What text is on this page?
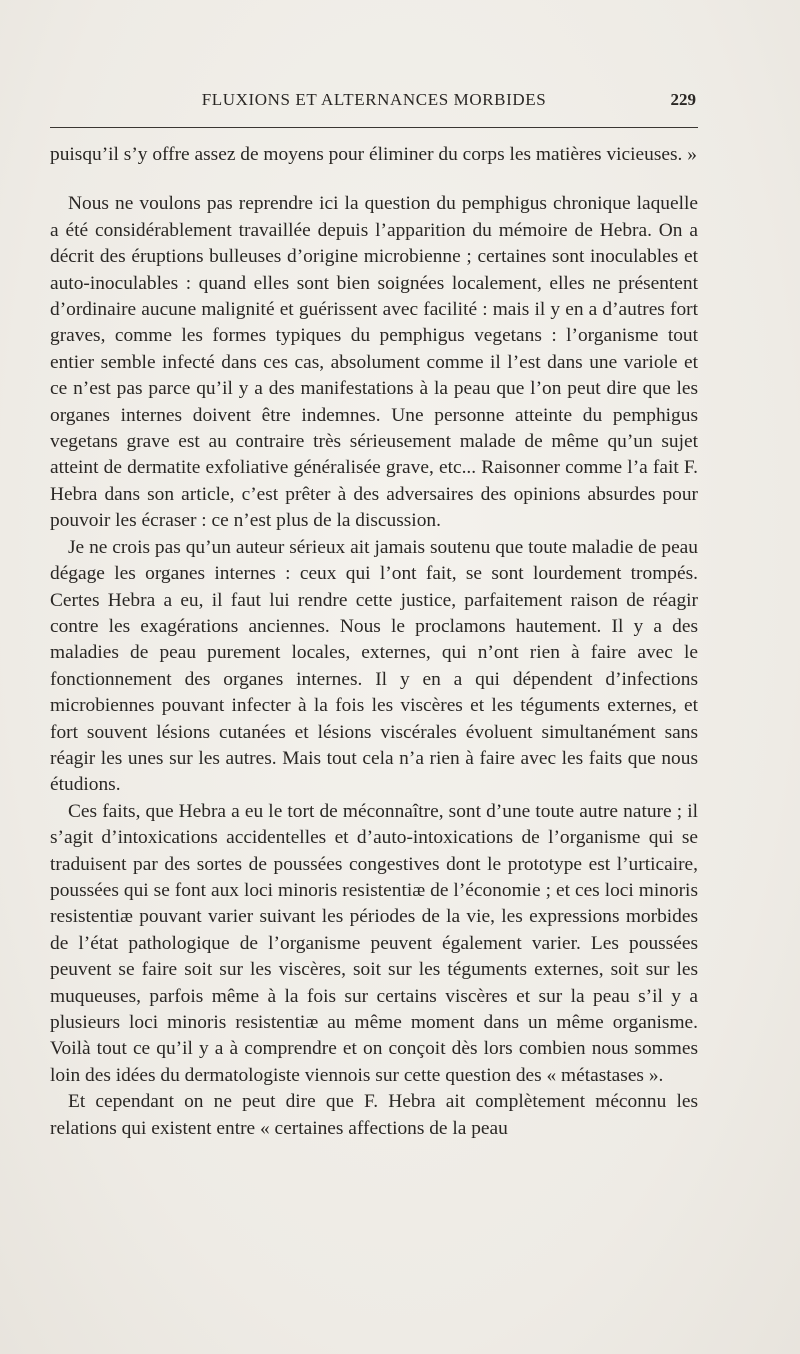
FLUXIONS ET ALTERNANCES MORBIDES	229

puisqu’il s’y offre assez de moyens pour éliminer du corps les matières vicieuses. »

Nous ne voulons pas reprendre ici la question du pemphigus chronique laquelle a été considérablement travaillée depuis l’apparition du mémoire de Hebra. On a décrit des éruptions bulleuses d’origine microbienne ; certaines sont inoculables et auto-inoculables : quand elles sont bien soignées localement, elles ne présentent d’ordinaire aucune malignité et guérissent avec facilité : mais il y en a d’autres fort graves, comme les formes typiques du pemphigus vegetans : l’organisme tout entier semble infecté dans ces cas, absolument comme il l’est dans une variole et ce n’est pas parce qu’il y a des manifestations à la peau que l’on peut dire que les organes internes doivent être indemnes. Une personne atteinte du pemphigus vegetans grave est au contraire très sérieusement malade de même qu’un sujet atteint de dermatite exfoliative généralisée grave, etc... Raisonner comme l’a fait F. Hebra dans son article, c’est prêter à des adversaires des opinions absurdes pour pouvoir les écraser : ce n’est plus de la discussion.

Je ne crois pas qu’un auteur sérieux ait jamais soutenu que toute maladie de peau dégage les organes internes : ceux qui l’ont fait, se sont lourdement trompés. Certes Hebra a eu, il faut lui rendre cette justice, parfaitement raison de réagir contre les exagérations anciennes. Nous le proclamons hautement. Il y a des maladies de peau purement locales, externes, qui n’ont rien à faire avec le fonctionnement des organes internes. Il y en a qui dépendent d’infections microbiennes pouvant infecter à la fois les viscères et les téguments externes, et fort souvent lésions cutanées et lésions viscérales évoluent simultanément sans réagir les unes sur les autres. Mais tout cela n’a rien à faire avec les faits que nous étudions.

Ces faits, que Hebra a eu le tort de méconnaître, sont d’une toute autre nature ; il s’agit d’intoxications accidentelles et d’auto-intoxications de l’organisme qui se traduisent par des sortes de poussées congestives dont le prototype est l’urticaire, poussées qui se font aux loci minoris resistentiæ de l’économie ; et ces loci minoris resistentiæ pouvant varier suivant les périodes de la vie, les expressions morbides de l’état pathologique de l’organisme peuvent également varier. Les poussées peuvent se faire soit sur les viscères, soit sur les téguments externes, soit sur les muqueuses, parfois même à la fois sur certains viscères et sur la peau s’il y a plusieurs loci minoris resistentiæ au même moment dans un même organisme. Voilà tout ce qu’il y a à comprendre et on conçoit dès lors combien nous sommes loin des idées du dermatologiste viennois sur cette question des « métastases ».

Et cependant on ne peut dire que F. Hebra ait complètement méconnu les relations qui existent entre « certaines affections de la peau
